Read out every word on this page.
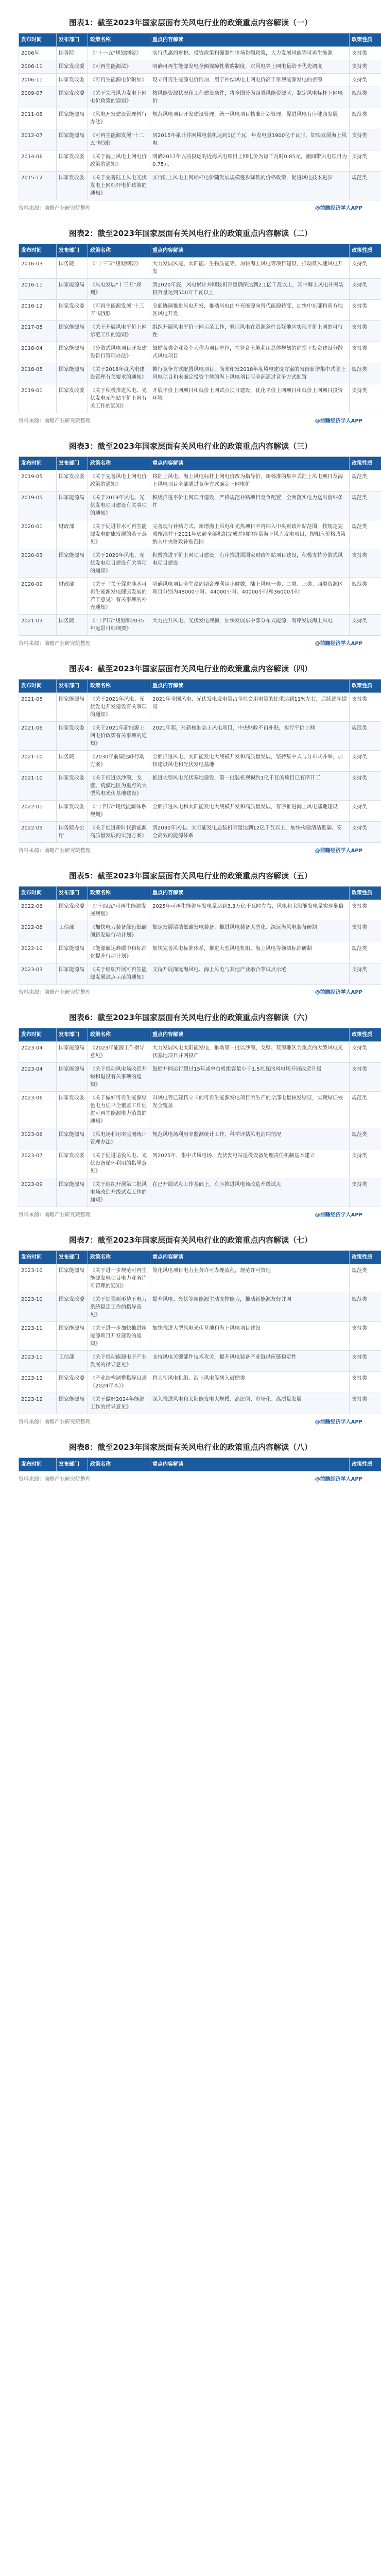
图表1：截至2023年国家层面有关风电行业的政策重点内容解读（一）
发布时间	发布部门	政策名称	重点内容解读	政策性质
2006年	国务院	《"十一五"规划纲要》	实行优惠的财税、投资政策和强制性市场份额政策，大力发展风能等可再生能源	支持类
2006-11	国家发改委	《可再生能源法》	明确可再生能源发电全额保障性收购制度，对风电等上网电量给予优先调度	支持类
2006-11	国家发改委	《可再生能源电价附加》	设立可再生能源电价附加，用于补偿风电上网电价高于常规能源发电的差额	支持类
2009-07	国家发改委	《关于完善风力发电上网电价政策的通知》	按风能资源状况和工程建设条件，将全国分为四类风能资源区，制定风电标杆上网电价	规范类
2011-08	国家能源局	《风电开发建设管理暂行办法》	规范风电项目开发建设管理，统一风电项目核准计划管理，促进风电有序健康发展	规范类
2012-07	国家能源局	《可再生能源发展"十二五"规划》	到2015年累计并网风电装机达到1亿千瓦，年发电量1900亿千瓦时，加快发展海上风电	支持类
2014-06	国家发改委	《关于海上风电上网电价政策的通知》	明确2017年以前投运的近海风电项目上网电价为每千瓦时0.85元，潮间带风电项目为0.75元	支持类
2015-12	国家发改委	《关于完善陆上风电光伏发电上网标杆电价政策的通知》	实行陆上风电上网标杆电价随发展规模逐步降低的价格政策，促进风电技术进步	规范类
资料来源：前瞻产业研究院整理	@前瞻经济学人APP
图表2：截至2023年国家层面有关风电行业的政策重点内容解读（二）
发布时间	发布部门	政策名称	重点内容解读	政策性质
2016-03	国务院	《"十三五"规划纲要》	大力发展风能、太阳能、生物质能等，加快海上风电等项目建设，推动低风速风电开发	支持类
2016-11	国家能源局	《风电发展"十三五"规划》	到2020年底，风电累计并网装机容量确保达到2.1亿千瓦以上，其中海上风电并网装机容量达到500万千瓦以上	支持类
2016-12	国家发改委	《可再生能源发展"十三五"规划》	全面协调推进风电开发，推动风电由补充能源向替代能源转变，加快中东部和南方地区风电开发	支持类
2017-05	国家能源局	《关于开展风电平价上网示范工作的通知》	组织开展风电平价上网示范工作，验证风电在资源条件良好地区实现平价上网的可行性	支持类
2018-04	国家能源局	《分散式风电项目开发建设暂行管理办法》	鼓励各类企业及个人作为项目单位，在符合土地利用总体规划的前提下投资建设分散式风电项目	支持类
2018-05	国家能源局	《关于2018年度风电建设管理有关要求的通知》	推行竞争方式配置风电项目，尚未印发2018年度风电建设方案的省份新增集中式陆上风电项目和未确定投资主体的海上风电项目应全部通过竞争方式配置	规范类
2019-01	国家发改委	《关于积极推进风电、光伏发电无补贴平价上网有关工作的通知》	开展平价上网项目和低价上网试点项目建设，优化平价上网项目和低价上网项目投资环境	支持类
资料来源：前瞻产业研究院整理	@前瞻经济学人APP
图表3：截至2023年国家层面有关风电行业的政策重点内容解读（三）
发布时间	发布部门	政策名称	重点内容解读	政策性质
2019-05	国家发改委	《关于完善风电上网电价政策的通知》	将陆上风电、海上风电标杆上网电价改为指导价，新核准的集中式陆上风电项目及海上风电项目全部通过竞争方式确定上网电价	规范类
2019-05	国家能源局	《关于2019年风电、光伏发电项目建设有关事项的通知》	积极推进平价上网项目建设，严格规范补贴项目竞争配置，全面落实电力送出消纳条件	规范类
2020-01	财政部	《关于促进非水可再生能源发电健康发展的若干意见》	完善现行补贴方式，新增海上风电和光热项目不再纳入中央财政补贴范围，按规定完成核准并于2021年底前全部机组完成并网的存量海上风力发电项目，按相应价格政策纳入中央财政补贴范围	规范类
2020-03	国家能源局	《关于2020年风电、光伏发电项目建设有关事项的通知》	积极推进平价上网项目建设，有序推进需国家财政补贴项目建设，积极支持分散式风电项目建设	支持类
2020-09	财政部	《关于〈关于促进非水可再生能源发电健康发展的若干意见〉有关事项的补充通知》	明确风电项目全生命周期合理利用小时数，陆上风电一类、二类、三类、四类资源区项目分别为48000小时、44000小时、40000小时和36000小时	规范类
2021-03	国务院	《"十四五"规划和2035年远景目标纲要》	大力提升风电、光伏发电规模，加快发展东中部分布式能源，有序发展海上风电	支持类
资料来源：前瞻产业研究院整理	@前瞻经济学人APP
图表4：截至2023年国家层面有关风电行业的政策重点内容解读（四）
发布时间	发布部门	政策名称	重点内容解读	政策性质
2021-05	国家能源局	《关于2021年风电、光伏发电开发建设有关事项的通知》	2021年全国风电、光伏发电发电量占全社会用电量的比重达到11%左右，后续逐年提高	支持类
2021-06	国家发改委	《关于2021年新能源上网电价政策有关事项的通知》	2021年起，对新核准陆上风电项目，中央财政不再补贴，实行平价上网	规范类
2021-10	国务院	《2030年前碳达峰行动方案》	全面推进风电、太阳能发电大规模开发和高质量发展，坚持集中式与分布式并举，加快建设风电和光伏发电基地	支持类
2021-10	国家发改委	《关于推进以沙漠、戈壁、荒漠地区为重点的大型风电光伏基地建设》	推进大型风电光伏基地建设，第一批装机规模约1亿千瓦的项目已有序开工	支持类
2022-01	国家发改委	《"十四五"现代能源体系规划》	全面推进风电和太阳能发电大规模开发和高质量发展，有序推进海上风电基地建设	支持类
2022-05	国务院办公厅	《关于促进新时代新能源高质量发展的实施方案》	到2030年风电、太阳能发电总装机容量达到12亿千瓦以上，加快构建清洁低碳、安全高效的能源体系	支持类
资料来源：前瞻产业研究院整理	@前瞻经济学人APP
图表5：截至2023年国家层面有关风电行业的政策重点内容解读（五）
发布时间	发布部门	政策名称	重点内容解读	政策性质
2022-06	国家发改委	《"十四五"可再生能源发展规划》	2025年可再生能源年发电量达到3.3万亿千瓦时左右，风电和太阳能发电量实现翻倍	支持类
2022-08	工信部	《加快电力装备绿色低碳创新发展行动计划》	加速发展清洁低碳发电装备，推进风电装备大型化、深远海风电装备研制	支持类
2022-10	国家能源局	《能源碳达峰碳中和标准化提升行动计划》	加快完善风电标准体系，推进大型风电机组、海上风电等领域标准研制	规范类
2023-03	国家能源局	《关于组织开展可再生能源发展试点示范的通知》	支持开展深远海风电、海上风电与其他产业融合等试点示范	支持类
资料来源：前瞻产业研究院整理	@前瞻经济学人APP
图表6：截至2023年国家层面有关风电行业的政策重点内容解读（六）
发布时间	发布部门	政策名称	重点内容解读	政策性质
2023-04	国家能源局	《2023年能源工作指导意见》	大力发展风电太阳能发电，推动第一批以沙漠、戈壁、荒漠地区为重点的大型风电光伏基地项目并网投产	支持类
2023-04	国家能源局	《关于推动风电场改造升级和退役有关事项的通知》	鼓励并网运行超过15年或单台机组容量小于1.5兆瓦的风电场开展改造升级	支持类
2023-06	国家发改委	《关于做好可再生能源绿色电力证书全覆盖工作促进可再生能源电力消费的通知》	对风电等已建档立卡的可再生能源发电项目所生产的全部电量核发绿证，实现绿证核发全覆盖	规范类
2023-06	国家能源局	《风电场利用率监测统计管理办法》	规范风电场利用率监测统计工作，科学评估风电消纳情况	规范类
2023-07	国家发改委	《关于促进退役风电、光伏设备循环利用的指导意见》	到2025年，集中式风电场、光伏发电站退役设备处理责任机制基本建立	支持类
2023-09	国家能源局	《关于组织开展第二批风电场改造升级试点工作的通知》	在已开展试点工作基础上，有序推进风电场改造升级试点	支持类
资料来源：前瞻产业研究院整理	@前瞻经济学人APP
图表7：截至2023年国家层面有关风电行业的政策重点内容解读（七）
发布时间	发布部门	政策名称	重点内容解读	政策性质
2023-10	国家能源局	《关于进一步规范可再生能源发电项目电力业务许可管理的通知》	简化风电项目电力业务许可办理流程，规范许可管理	规范类
2023-10	国家发改委	《关于加强新形势下电力系统稳定工作的指导意见》	提升风电、光伏等新能源主动支撑能力，推动新能源友好并网	规范类
2023-11	国家能源局	《关于进一步加快推进新能源项目开发建设的通知》	加快推进大型风电光伏基地和海上风电项目建设	支持类
2023-11	工信部	《关于推动能源电子产业发展的指导意见》	支持风电关键部件技术攻关，提升风电装备产业链供应链稳定性	支持类
2023-12	国家发改委	《产业结构调整指导目录（2024年本）》	将大型风电机组、海上风电等列入鼓励类	支持类
2023-12	国家能源局	《关于做好2024年能源工作的指导意见》	深入推进风电和太阳能发电大规模、高比例、市场化、高质量发展	支持类
资料来源：前瞻产业研究院整理	@前瞻经济学人APP
图表8：截至2023年国家层面有关风电行业的政策重点内容解读（八）
发布时间	发布部门	政策名称	重点内容解读	政策性质
资料来源：前瞻产业研究院整理	@前瞻经济学人APP
